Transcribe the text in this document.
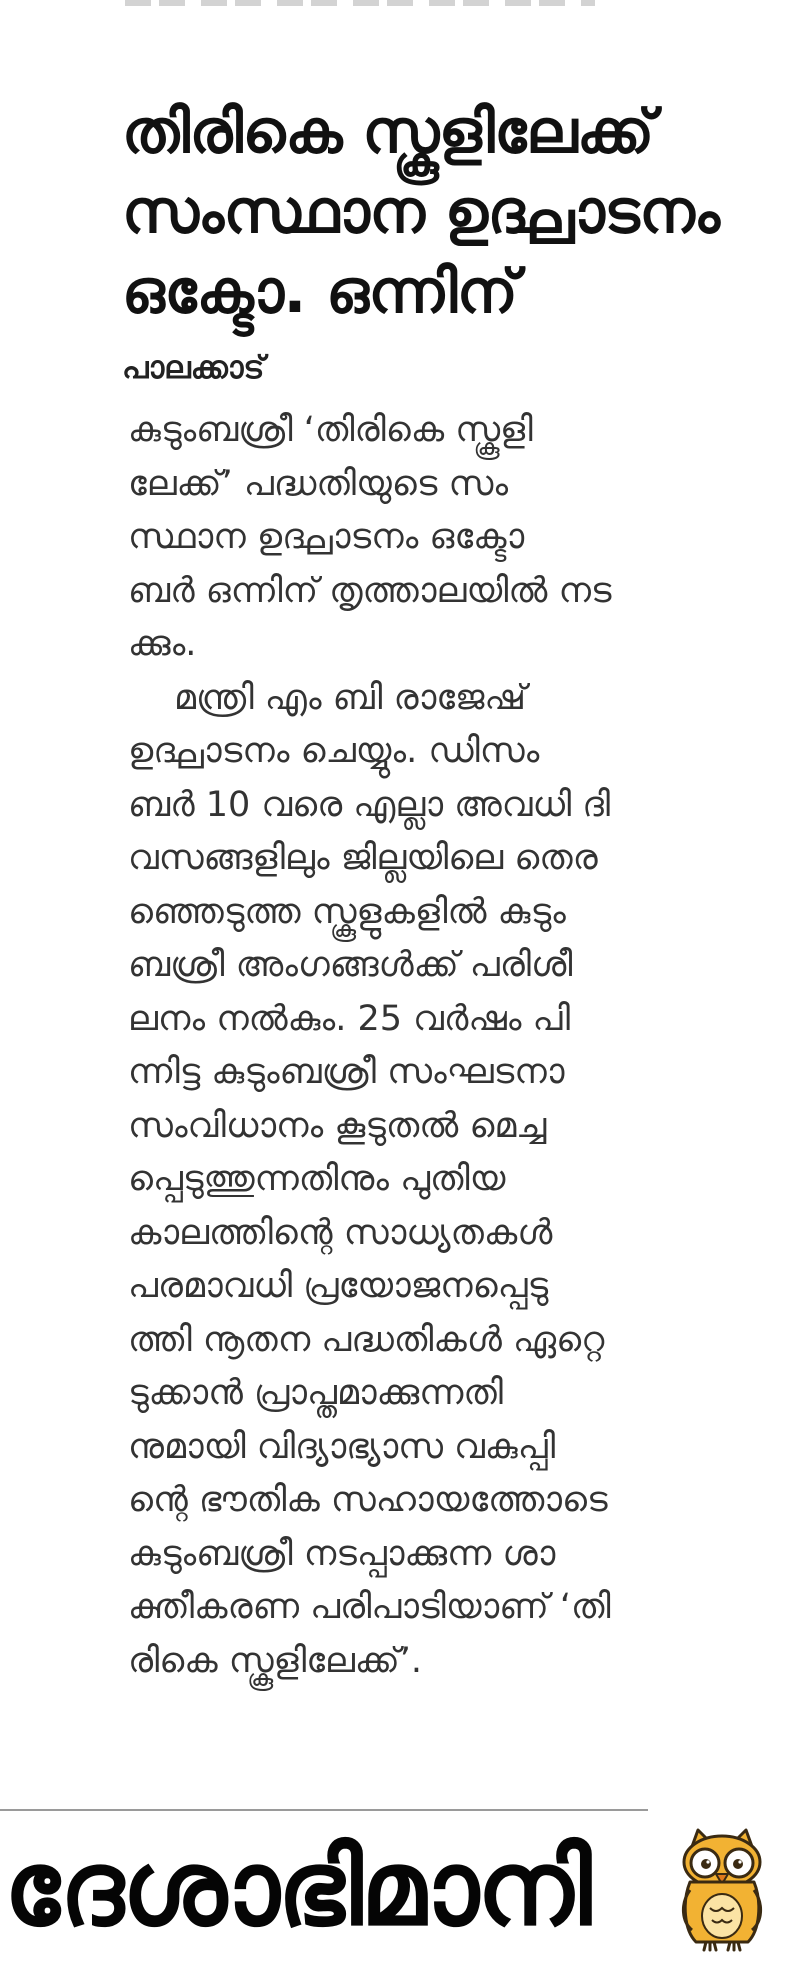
തിരികെ സ്കൂളിലേക്ക്
സംസ്ഥാന ഉദ്ഘാടനം
ഒക്ടോ. ഒന്നിന്

പാലക്കാട്

കുടുംബശ്രീ ‘തിരികെ സ്കൂളി
ലേക്ക്’ പദ്ധതിയുടെ സം
സ്ഥാന ഉദ്ഘാടനം ഒക്ടോ
ബർ ഒന്നിന് തൃത്താലയിൽ നട
ക്കും.
മന്ത്രി എം ബി രാജേഷ്
ഉദ്ഘാടനം ചെയ്യും. ഡിസം
ബർ 10 വരെ എല്ലാ അവധി ദി
വസങ്ങളിലും ജില്ലയിലെ തെര
ഞ്ഞെടുത്ത സ്കൂളുകളിൽ കുടും
ബശ്രീ അംഗങ്ങൾക്ക് പരിശീ
ലനം നൽകും. 25 വർഷം പി
ന്നിട്ട കുടുംബശ്രീ സംഘടനാ
സംവിധാനം കൂടുതൽ മെച്ച
പ്പെടുത്തുന്നതിനും പുതിയ
കാലത്തിന്റെ സാധ്യതകൾ
പരമാവധി പ്രയോജനപ്പെടു
ത്തി നൂതന പദ്ധതികൾ ഏറ്റെ
ടുക്കാൻ പ്രാപ്തമാക്കുന്നതി
നുമായി വിദ്യാഭ്യാസ വകുപ്പി
ന്റെ ഭൗതിക സഹായത്തോടെ
കുടുംബശ്രീ നടപ്പാക്കുന്ന ശാ
ക്തീകരണ പരിപാടിയാണ് ‘തി
രികെ സ്കൂളിലേക്ക്’.
ദേശാഭിമാനി
